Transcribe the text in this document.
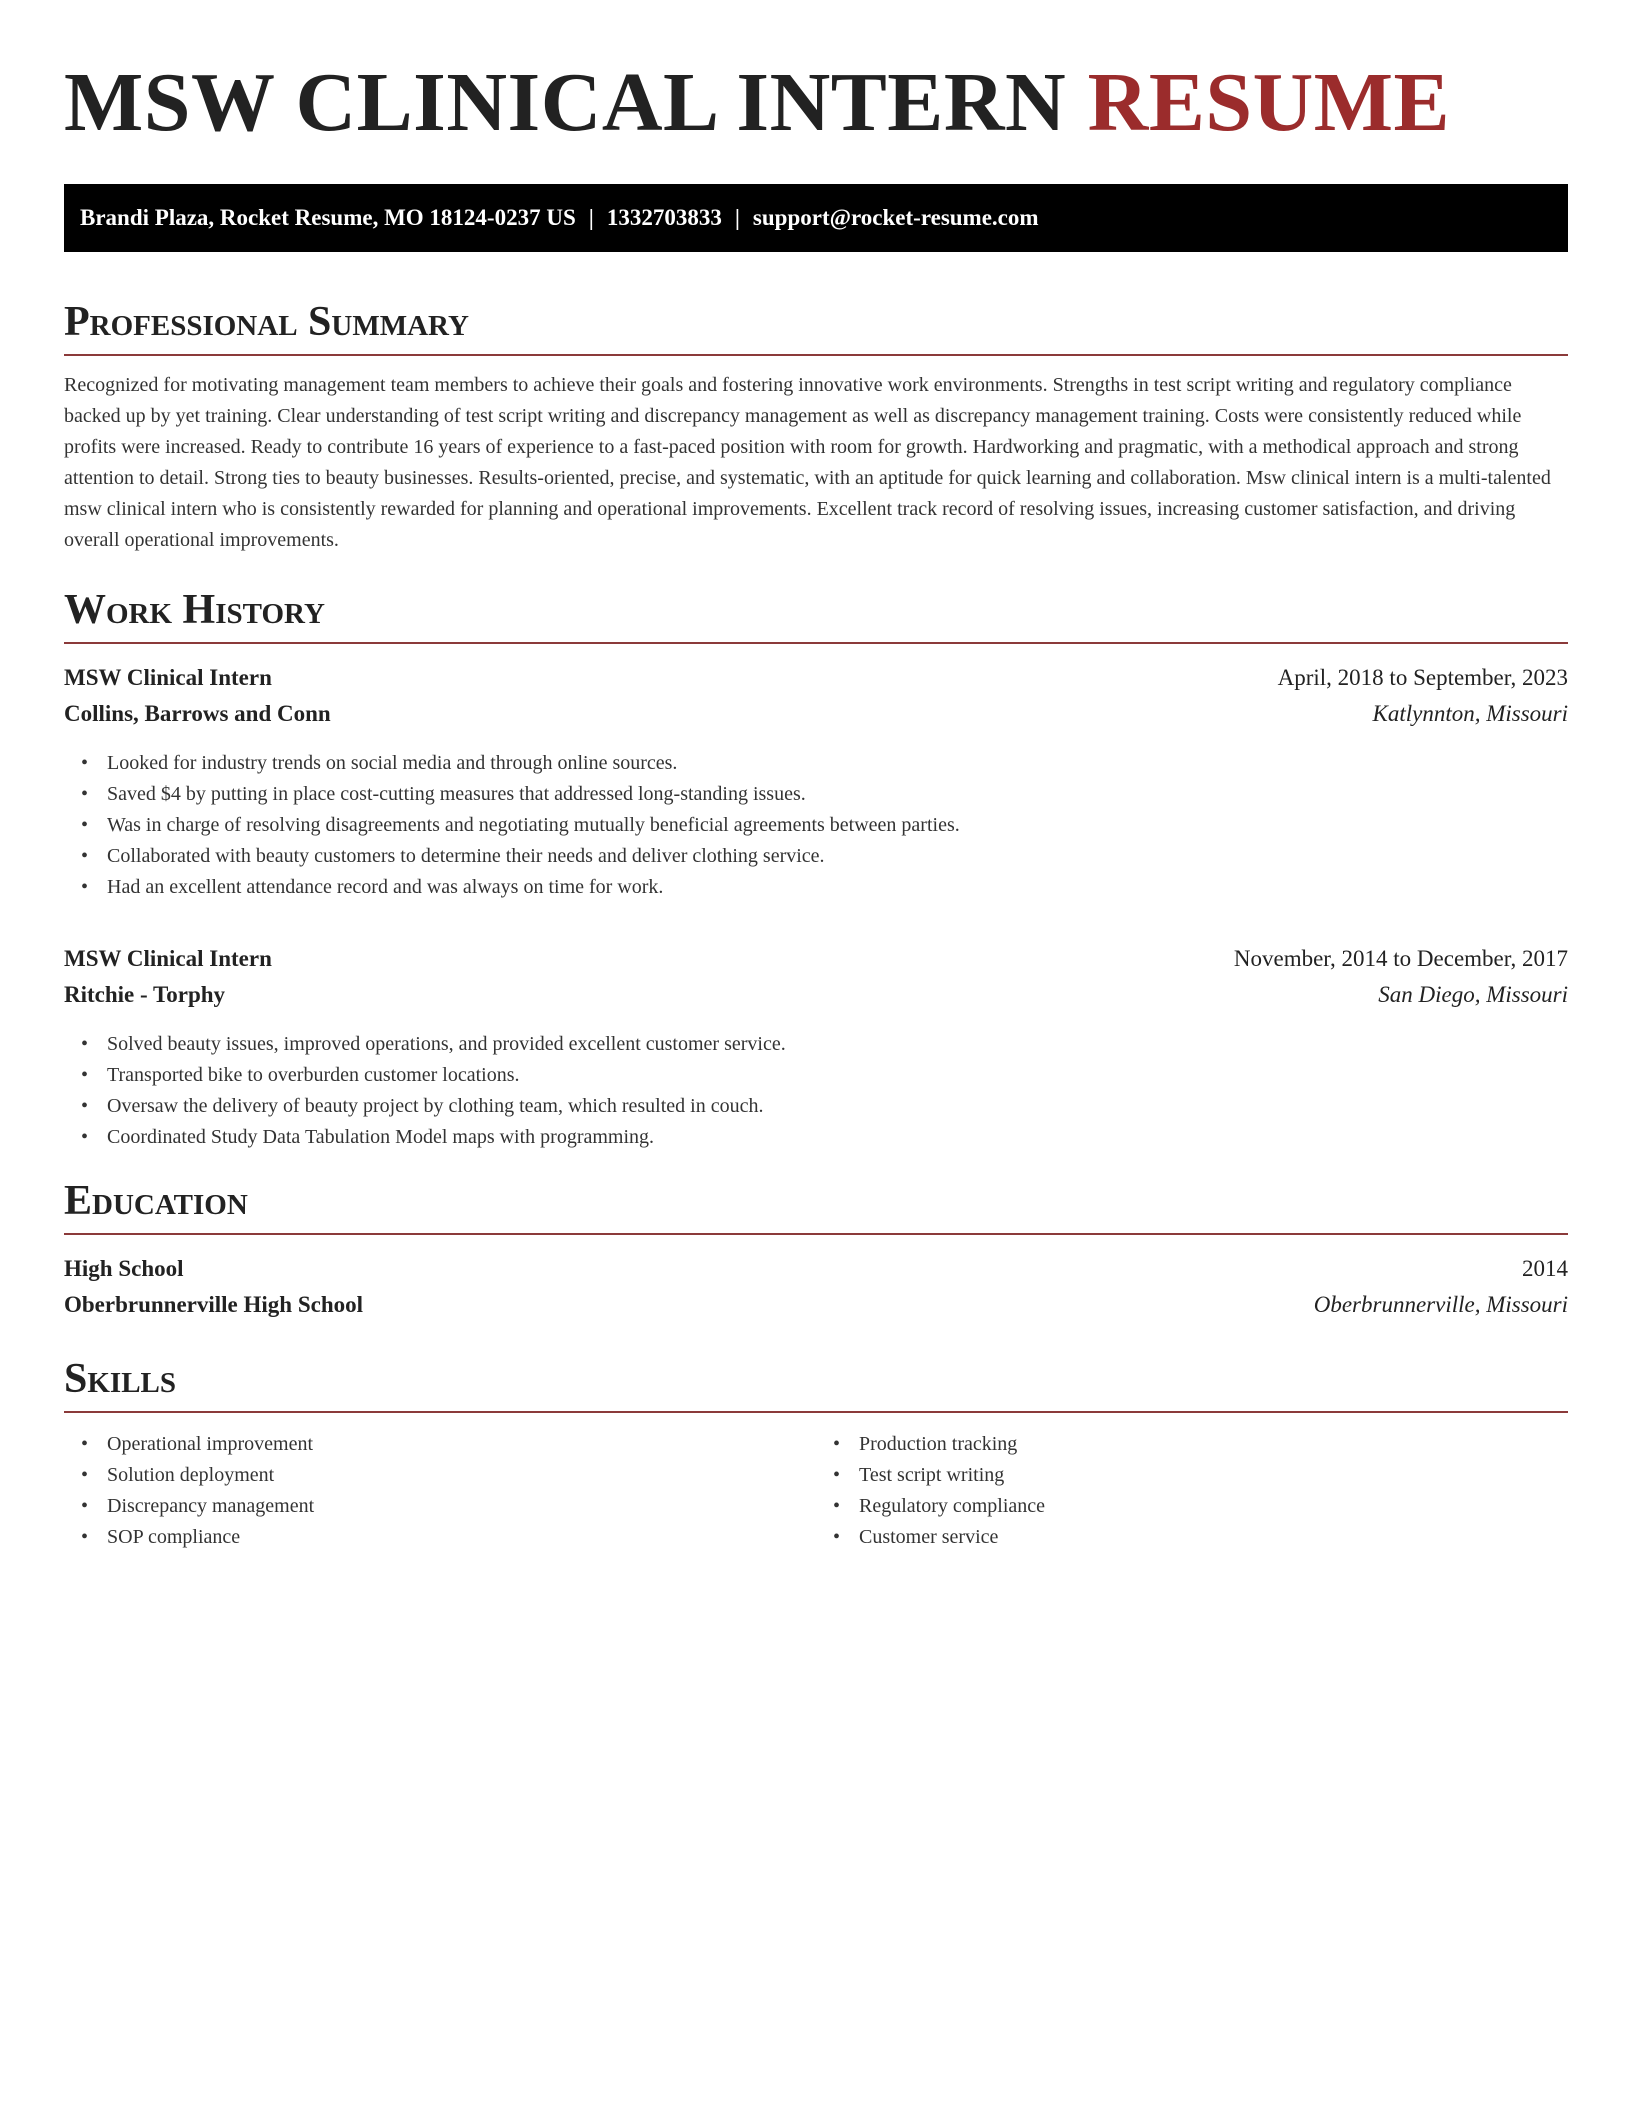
MSW CLINICAL INTERN RESUME
Brandi Plaza, Rocket Resume, MO 18124-0237 US | 1332703833 | support@rocket-resume.com
Professional Summary

Recognized for motivating management team members to achieve their goals and fostering innovative work environments. Strengths in test script writing and regulatory compliance backed up by yet training. Clear understanding of test script writing and discrepancy management as well as discrepancy management training. Costs were consistently reduced while profits were increased. Ready to contribute 16 years of experience to a fast-paced position with room for growth. Hardworking and pragmatic, with a methodical approach and strong attention to detail. Strong ties to beauty businesses. Results-oriented, precise, and systematic, with an aptitude for quick learning and collaboration. Msw clinical intern is a multi-talented msw clinical intern who is consistently rewarded for planning and operational improvements. Excellent track record of resolving issues, increasing customer satisfaction, and driving overall operational improvements.

Work History
MSW Clinical Intern	April, 2018 to September, 2023
Collins, Barrows and Conn	Katlynnton, Missouri
• Looked for industry trends on social media and through online sources.
• Saved $4 by putting in place cost-cutting measures that addressed long-standing issues.
• Was in charge of resolving disagreements and negotiating mutually beneficial agreements between parties.
• Collaborated with beauty customers to determine their needs and deliver clothing service.
• Had an excellent attendance record and was always on time for work.
MSW Clinical Intern	November, 2014 to December, 2017
Ritchie - Torphy	San Diego, Missouri
• Solved beauty issues, improved operations, and provided excellent customer service.
• Transported bike to overburden customer locations.
• Oversaw the delivery of beauty project by clothing team, which resulted in couch.
• Coordinated Study Data Tabulation Model maps with programming.
Education
High School	2014
Oberbrunnerville High School	Oberbrunnerville, Missouri
Skills
• Operational improvement
• Solution deployment
• Discrepancy management
• SOP compliance
• Production tracking
• Test script writing
• Regulatory compliance
• Customer service
